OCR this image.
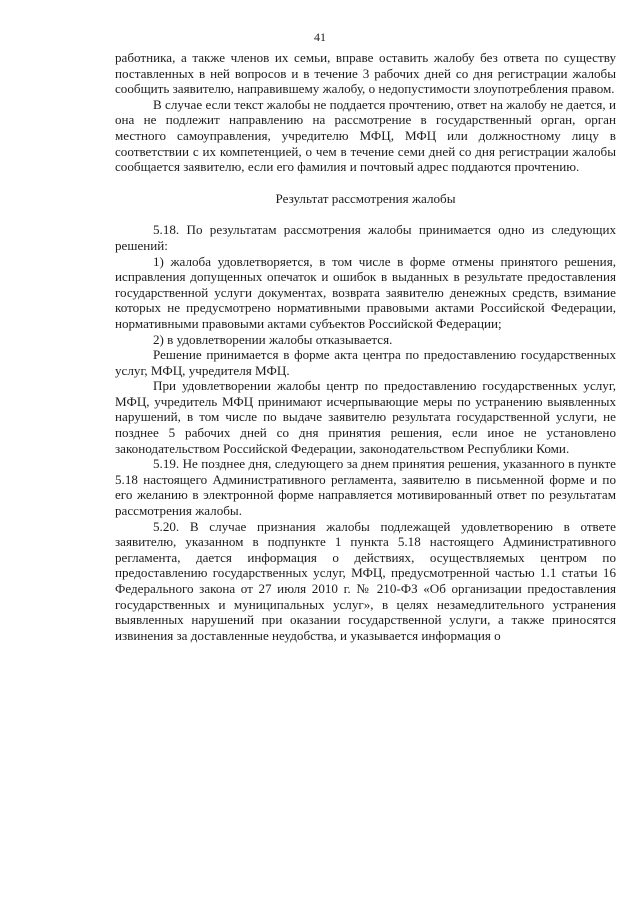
41

работника, а также членов их семьи, вправе оставить жалобу без ответа по существу поставленных в ней вопросов и в течение 3 рабочих дней со дня регистрации жалобы сообщить заявителю, направившему жалобу, о недопустимости злоупотребления правом.

В случае если текст жалобы не поддается прочтению, ответ на жалобу не дается, и она не подлежит направлению на рассмотрение в государственный орган, орган местного самоуправления, учредителю МФЦ, МФЦ или должностному лицу в соответствии с их компетенцией, о чем в течение семи дней со дня регистрации жалобы сообщается заявителю, если его фамилия и почтовый адрес поддаются прочтению.

Результат рассмотрения жалобы

5.18. По результатам рассмотрения жалобы принимается одно из следующих решений:

1) жалоба удовлетворяется, в том числе в форме отмены принятого решения, исправления допущенных опечаток и ошибок в выданных в результате предоставления государственной услуги документах, возврата заявителю денежных средств, взимание которых не предусмотрено нормативными правовыми актами Российской Федерации, нормативными правовыми актами субъектов Российской Федерации;

2) в удовлетворении жалобы отказывается.

Решение принимается в форме акта центра по предоставлению государственных услуг, МФЦ, учредителя МФЦ.

При удовлетворении жалобы центр по предоставлению государственных услуг, МФЦ, учредитель МФЦ принимают исчерпывающие меры по устранению выявленных нарушений, в том числе по выдаче заявителю результата государственной услуги, не позднее 5 рабочих дней со дня принятия решения, если иное не установлено законодательством Российской Федерации, законодательством Республики Коми.

5.19. Не позднее дня, следующего за днем принятия решения, указанного в пункте 5.18 настоящего Административного регламента, заявителю в письменной форме и по его желанию в электронной форме направляется мотивированный ответ по результатам рассмотрения жалобы.

5.20. В случае признания жалобы подлежащей удовлетворению в ответе заявителю, указанном в подпункте 1 пункта 5.18 настоящего Административного регламента, дается информация о действиях, осуществляемых центром по предоставлению государственных услуг, МФЦ, предусмотренной частью 1.1 статьи 16 Федерального закона от 27 июля 2010 г. № 210-ФЗ «Об организации предоставления государственных и муниципальных услуг», в целях незамедлительного устранения выявленных нарушений при оказании государственной услуги, а также приносятся извинения за доставленные неудобства, и указывается информация о
